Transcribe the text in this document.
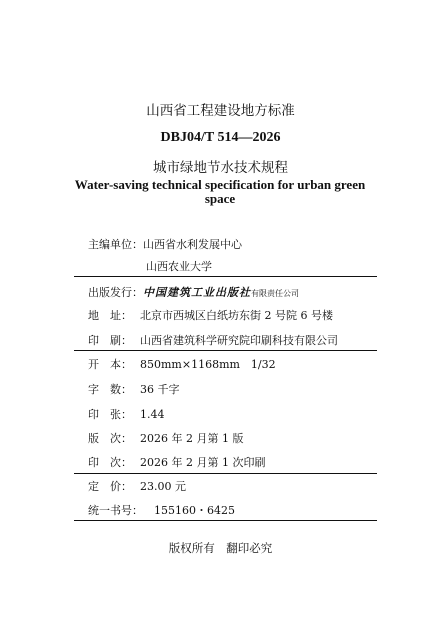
山西省工程建设地方标准
DBJ04/T 514—2026
城市绿地节水技术规程
Water-saving technical specification for urban green space
主编单位：山西省水利发展中心
山西农业大学
出版发行：中国建筑工业出版社有限责任公司
地　址： 北京市西城区白纸坊东街 2 号院 6 号楼
印　刷： 山西省建筑科学研究院印刷科技有限公司
开　本： 850mm×1168mm　1/32
字　数： 36 千字
印　张： 1.44
版　次： 2026 年 2 月第 1 版
印　次： 2026 年 2 月第 1 次印刷
定　价： 23.00 元
统一书号： 155160・6425
版权所有　翻印必究
